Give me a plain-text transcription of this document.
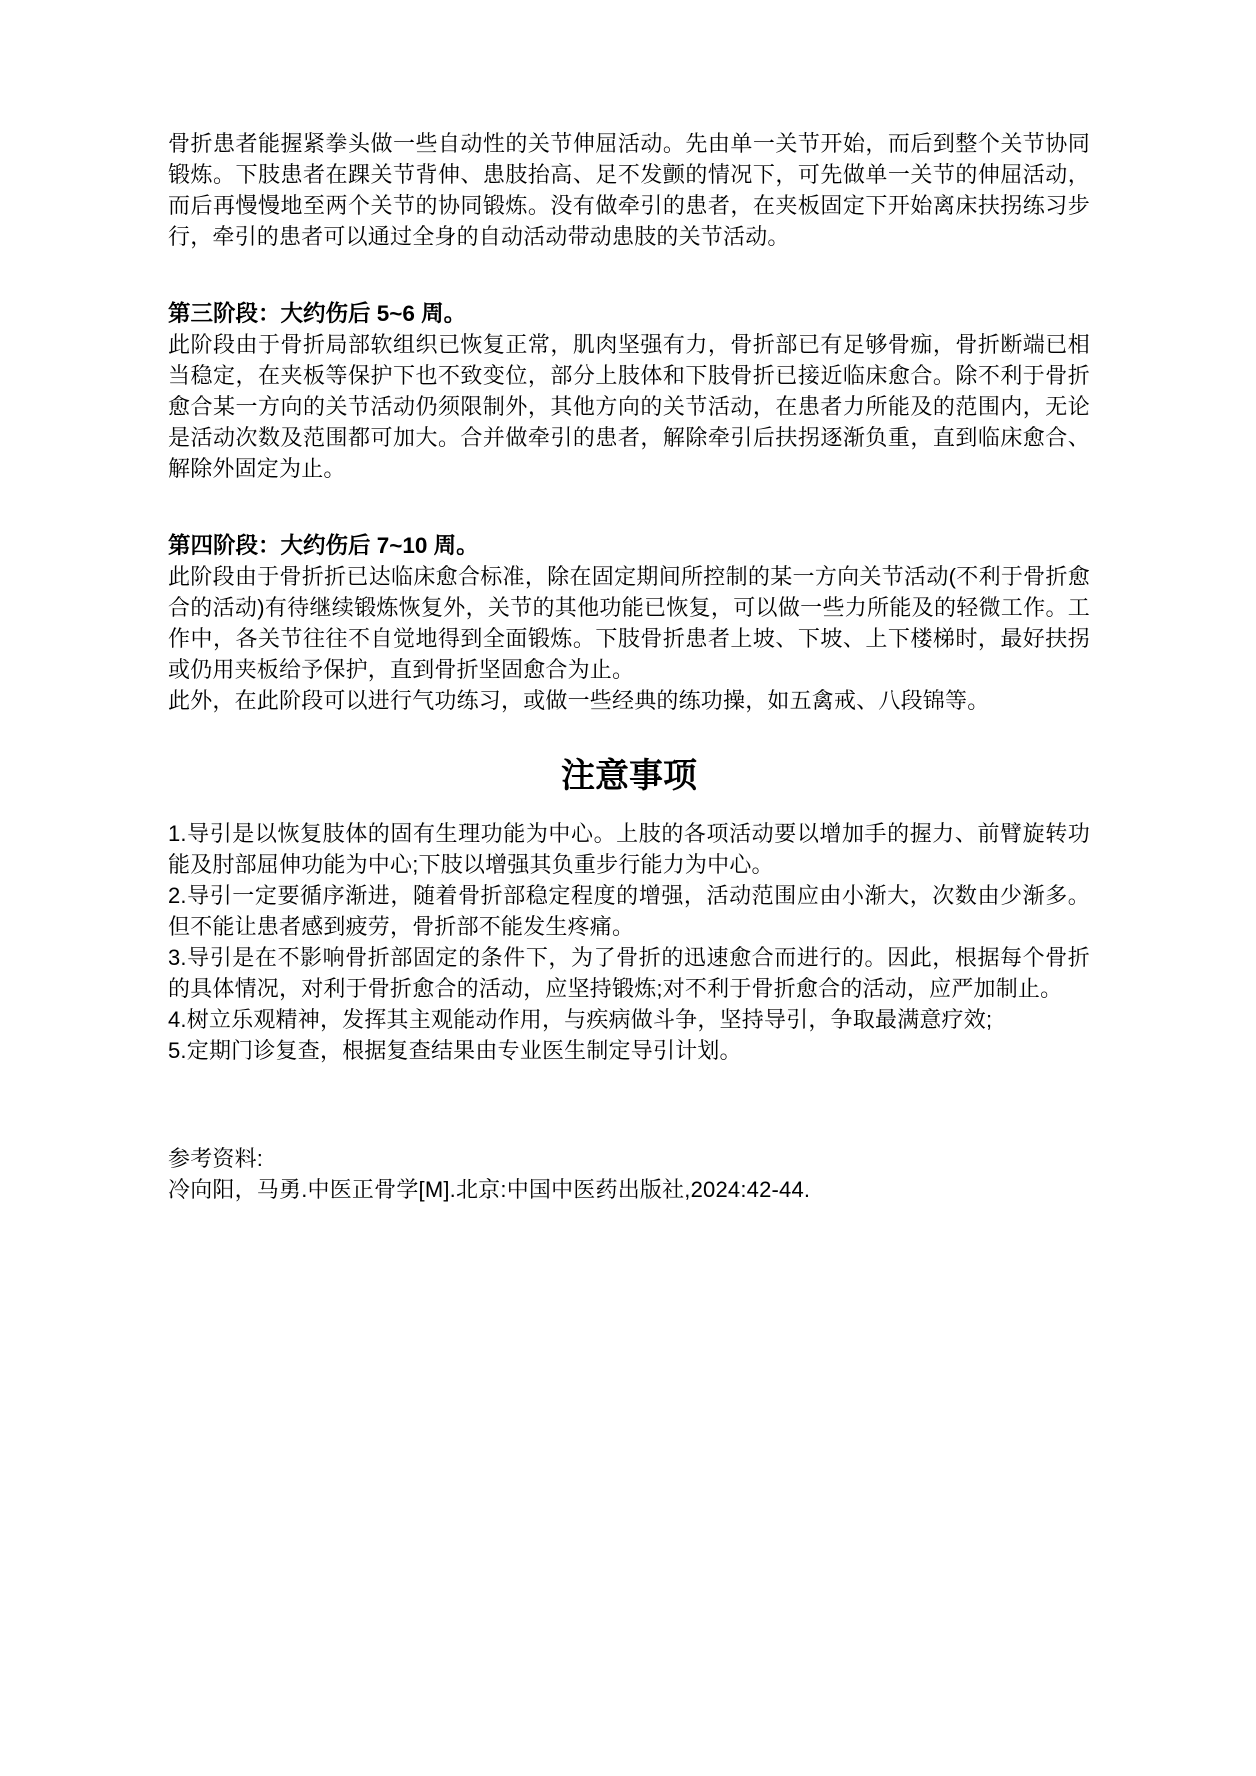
骨折患者能握紧拳头做一些自动性的关节伸屈活动。先由单一关节开始，而后到整个关节协同锻炼。下肢患者在踝关节背伸、患肢抬高、足不发颤的情况下，可先做单一关节的伸屈活动，而后再慢慢地至两个关节的协同锻炼。没有做牵引的患者，在夹板固定下开始离床扶拐练习步行，牵引的患者可以通过全身的自动活动带动患肢的关节活动。

第三阶段：大约伤后 5~6 周。

此阶段由于骨折局部软组织已恢复正常，肌肉坚强有力，骨折部已有足够骨痂，骨折断端已相当稳定，在夹板等保护下也不致变位，部分上肢体和下肢骨折已接近临床愈合。除不利于骨折愈合某一方向的关节活动仍须限制外，其他方向的关节活动，在患者力所能及的范围内，无论是活动次数及范围都可加大。合并做牵引的患者，解除牵引后扶拐逐渐负重，直到临床愈合、解除外固定为止。

第四阶段：大约伤后 7~10 周。

此阶段由于骨折折已达临床愈合标准，除在固定期间所控制的某一方向关节活动(不利于骨折愈合的活动)有待继续锻炼恢复外，关节的其他功能已恢复，可以做一些力所能及的轻微工作。工作中，各关节往往不自觉地得到全面锻炼。下肢骨折患者上坡、下坡、上下楼梯时，最好扶拐或仍用夹板给予保护，直到骨折坚固愈合为止。

此外，在此阶段可以进行气功练习，或做一些经典的练功操，如五禽戒、八段锦等。

注意事项

1.导引是以恢复肢体的固有生理功能为中心。上肢的各项活动要以增加手的握力、前臂旋转功能及肘部屈伸功能为中心;下肢以增强其负重步行能力为中心。

2.导引一定要循序渐进，随着骨折部稳定程度的增强，活动范围应由小渐大，次数由少渐多。但不能让患者感到疲劳，骨折部不能发生疼痛。

3.导引是在不影响骨折部固定的条件下，为了骨折的迅速愈合而进行的。因此，根据每个骨折的具体情况，对利于骨折愈合的活动，应坚持锻炼;对不利于骨折愈合的活动，应严加制止。

4.树立乐观精神，发挥其主观能动作用，与疾病做斗争，坚持导引，争取最满意疗效;

5.定期门诊复查，根据复查结果由专业医生制定导引计划。

参考资料:

冷向阳，马勇.中医正骨学[M].北京:中国中医药出版社,2024:42-44.
